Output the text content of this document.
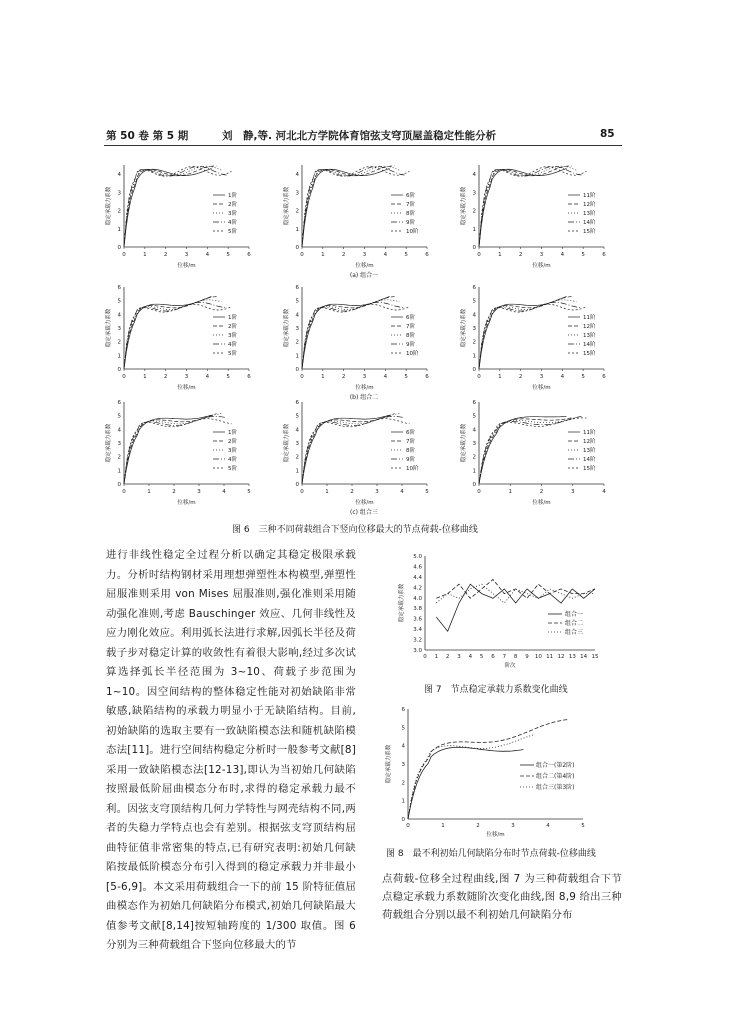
第 50 卷 第 5 期	刘　静,等. 河北北方学院体育馆弦支穹顶屋盖稳定性能分析	85
0	1	2	3	4	5	6
0
1
2
3
4
位移/m
稳定承载力系数	1阶
2阶
3阶
4阶
5阶
0	1	2	3	4	5	6
0
1
2
3
4
位移/m
稳定承载力系数	6阶
7阶
8阶
9阶
10阶
0	1	2	3	4	5	6
0
1
2
3
4
位移/m
稳定承载力系数	11阶
12阶
13阶
14阶
15阶
(a) 组合一
0	1	2	3	4	5	6
0
1
2
3
4
5
6
位移/m
稳定承载力系数	1阶
2阶
3阶
4阶
5阶
0	1	2	3	4	5	6
0
1
2
3
4
5
6
位移/m
稳定承载力系数	6阶
7阶
8阶
9阶
10阶
0	1	2	3	4	5	6
0
1
2
3
4
5
6
位移/m
稳定承载力系数	11阶
12阶
13阶
14阶
15阶
(b) 组合二
0	1	2	3	4	5
0
1
2
3
4
5
6
位移/m
稳定承载力系数	1阶
2阶
3阶
4阶
5阶
0	1	2	3	4	5
0
1
2
3
4
5
6
位移/m
稳定承载力系数	6阶
7阶
8阶
9阶
10阶
0	1	2	3	4
0
1
2
3
4
5
6
位移/m
稳定承载力系数	11阶
12阶
13阶
14阶
15阶
(c) 组合三
图 6　三种不同荷载组合下竖向位移最大的节点荷载-位移曲线
3.0
3.2
3.4
3.6
3.8
4.0
4.2
4.4
4.6
5.0
0 1 2 3 4 5 6 7 8 9 10 11 12 13 14 15
阶次
稳定承载力系数	组合一
组合二
组合三
图 7　节点稳定承载力系数变化曲线
0
1
2
3
4
5
6
0	1	2	3	4	5
位移/m
稳定承载力系数	组合一(第2阶)
组合二(第4阶)
组合三(第3阶)
图 8　最不利初始几何缺陷分布时节点荷载-位移曲线

进行非线性稳定全过程分析以确定其稳定极限承载力。分析时结构钢材采用理想弹塑性本构模型,弹塑性屈服准则采用 von Mises 屈服准则,强化准则采用随动强化准则,考虑 Bauschinger 效应、几何非线性及应力刚化效应。利用弧长法进行求解,因弧长半径及荷载子步对稳定计算的收敛性有着很大影响,经过多次试算选择弧长半径范围为 3~10、荷载子步范围为 1~10。因空间结构的整体稳定性能对初始缺陷非常敏感,缺陷结构的承载力明显小于无缺陷结构。目前,初始缺陷的选取主要有一致缺陷模态法和随机缺陷模态法[11]。进行空间结构稳定分析时一般参考文献[8]采用一致缺陷模态法[12-13],即认为当初始几何缺陷按照最低阶屈曲模态分布时,求得的稳定承载力最不利。因弦支穹顶结构几何力学特性与网壳结构不同,两者的失稳力学特点也会有差别。根据弦支穹顶结构屈曲特征值非常密集的特点,已有研究表明:初始几何缺陷按最低阶模态分布引入得到的稳定承载力并非最小[5-6,9]。本文采用荷载组合一下的前 15 阶特征值屈曲模态作为初始几何缺陷分布模式,初始几何缺陷最大值参考文献[8,14]按短轴跨度的 1/300 取值。图 6 分别为三种荷载组合下竖向位移最大的节

点荷载-位移全过程曲线,图 7 为三种荷载组合下节点稳定承载力系数随阶次变化曲线,图 8,9 给出三种荷载组合分别以最不利初始几何缺陷分布
